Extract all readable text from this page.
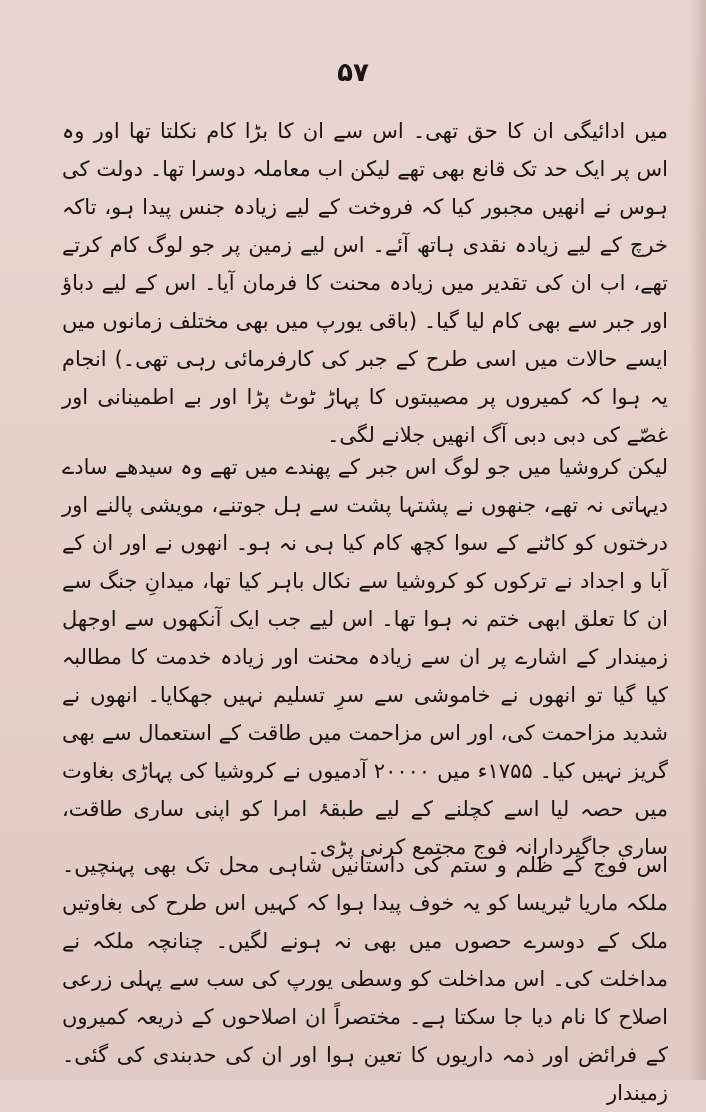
۵۷

میں ادائیگی ان کا حق تھی۔ اس سے ان کا بڑا کام نکلتا تھا اور وہ اس پر ایک حد تک قانع بھی تھے لیکن اب معاملہ دوسرا تھا۔ دولت کی ہوس نے انھیں مجبور کیا کہ فروخت کے لیے زیادہ جنس پیدا ہو، تاکہ خرچ کے لیے زیادہ نقدی ہاتھ آئے۔ اس لیے زمین پر جو لوگ کام کرتے تھے، اب ان کی تقدیر میں زیادہ محنت کا فرمان آیا۔ اس کے لیے دباؤ اور جبر سے بھی کام لیا گیا۔ (باقی یورپ میں بھی مختلف زمانوں میں ایسے حالات میں اسی طرح کے جبر کی کارفرمائی رہی تھی۔) انجام یہ ہوا کہ کمیروں پر مصیبتوں کا پہاڑ ٹوٹ پڑا اور بے اطمینانی اور غصّے کی دبی دبی آگ انھیں جلانے لگی۔

لیکن کروشیا میں جو لوگ اس جبر کے پھندے میں تھے وہ سیدھے سادے دیہاتی نہ تھے، جنھوں نے پشتہا پشت سے ہل جوتنے، مویشی پالنے اور درختوں کو کاٹنے کے سوا کچھ کام کیا ہی نہ ہو۔ انھوں نے اور ان کے آبا و اجداد نے ترکوں کو کروشیا سے نکال باہر کیا تھا، میدانِ جنگ سے ان کا تعلق ابھی ختم نہ ہوا تھا۔ اس لیے جب ایک آنکھوں سے اوجھل زمیندار کے اشارے پر ان سے زیادہ محنت اور زیادہ خدمت کا مطالبہ کیا گیا تو انھوں نے خاموشی سے سرِ تسلیم نہیں جھکایا۔ انھوں نے شدید مزاحمت کی، اور اس مزاحمت میں طاقت کے استعمال سے بھی گریز نہیں کیا۔ ۱۷۵۵ء میں ۲۰۰۰۰ آدمیوں نے کروشیا کی پہاڑی بغاوت میں حصہ لیا اسے کچلنے کے لیے طبقۂ امرا کو اپنی ساری طاقت، ساری جاگیردارانہ فوج مجتمع کرنی پڑی۔

اس فوج کے ظلم و ستم کی داستانیں شاہی محل تک بھی پہنچیں۔ ملکہ ماریا ٹیریسا کو یہ خوف پیدا ہوا کہ کہیں اس طرح کی بغاوتیں ملک کے دوسرے حصوں میں بھی نہ ہونے لگیں۔ چنانچہ ملکہ نے مداخلت کی۔ اس مداخلت کو وسطی یورپ کی سب سے پہلی زرعی اصلاح کا نام دیا جا سکتا ہے۔ مختصراً ان اصلاحوں کے ذریعہ کمیروں کے فرائض اور ذمہ داریوں کا تعین ہوا اور ان کی حدبندی کی گئی۔ زمیندار
